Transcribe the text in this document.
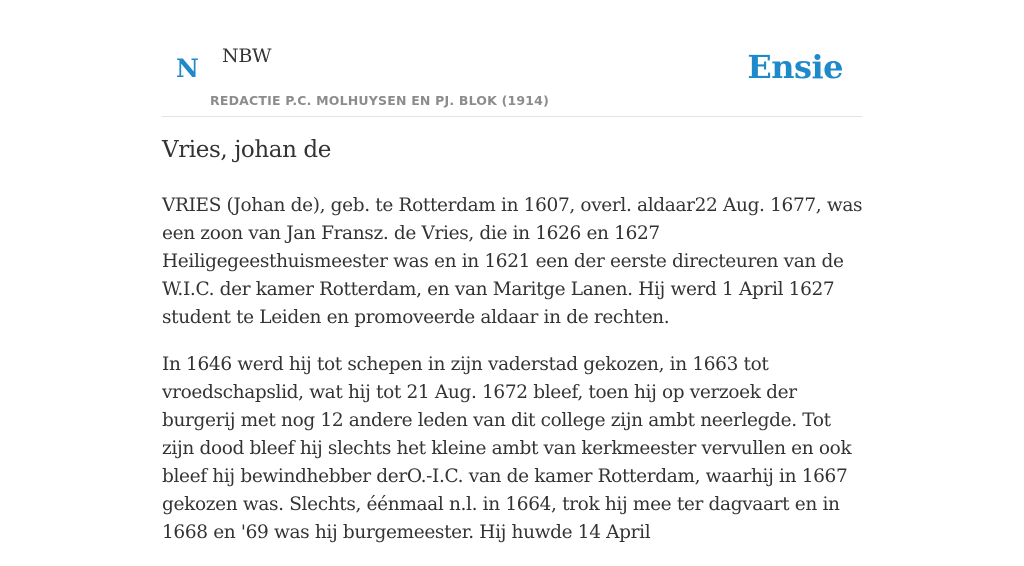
N NBW
REDACTIE P.C. MOLHUYSEN EN PJ. BLOK (1914)
Ensie
Vries, johan de

VRIES (Johan de), geb. te Rotterdam in 1607, overl. aldaar22 Aug. 1677, was een zoon van Jan Fransz. de Vries, die in 1626 en 1627 Heiligegeesthuismeester was en in 1621 een der eerste directeuren van de W.I.C. der kamer Rotterdam, en van Maritge Lanen. Hij werd 1 April 1627 student te Leiden en promoveerde aldaar in de rechten.

In 1646 werd hij tot schepen in zijn vaderstad gekozen, in 1663 tot vroedschapslid, wat hij tot 21 Aug. 1672 bleef, toen hij op verzoek der burgerij met nog 12 andere leden van dit college zijn ambt neerlegde. Tot zijn dood bleef hij slechts het kleine ambt van kerkmeester vervullen en ook bleef hij bewindhebber derO.-I.C. van de kamer Rotterdam, waarhij in 1667 gekozen was. Slechts, éénmaal n.l. in 1664, trok hij mee ter dagvaart en in 1668 en '69 was hij burgemeester. Hij huwde 14 April
